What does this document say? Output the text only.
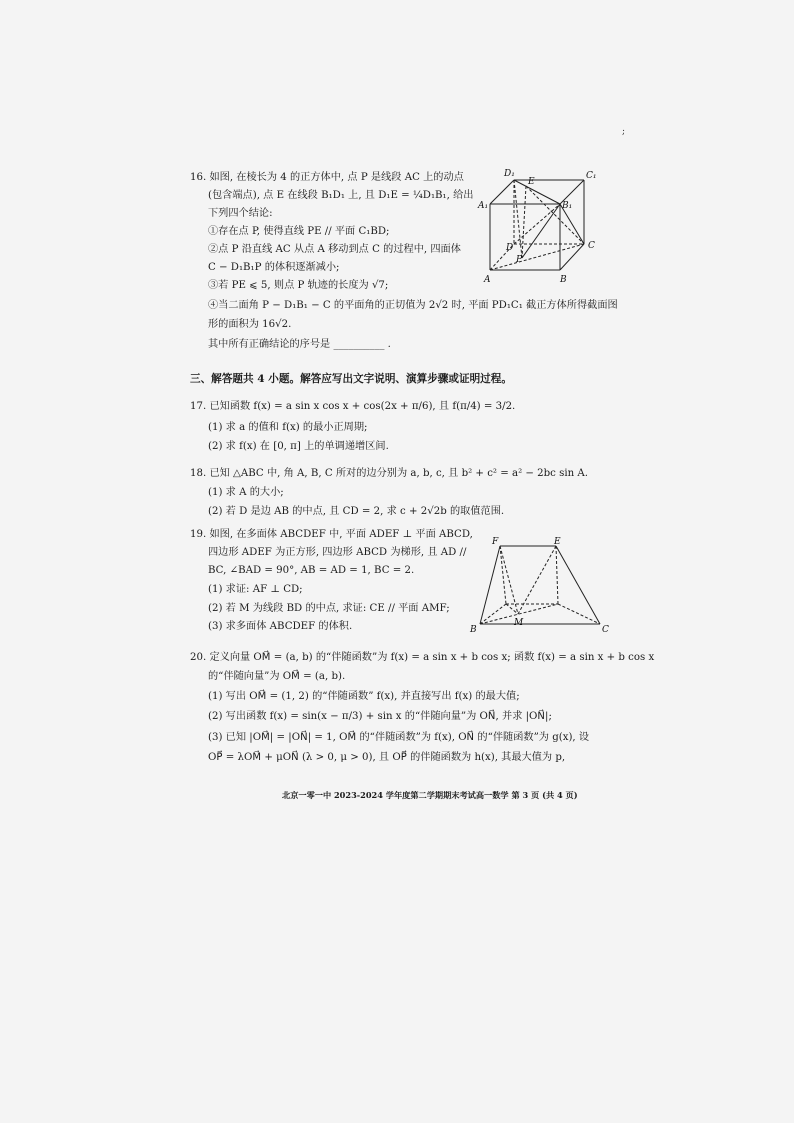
;
16. 如图, 在棱长为 4 的正方体中, 点 P 是线段 AC 上的动点
(包含端点), 点 E 在线段 B₁D₁ 上, 且 D₁E = ¼D₁B₁, 给出
下列四个结论:
①存在点 P, 使得直线 PE // 平面 C₁BD;
②点 P 沿直线 AC 从点 A 移动到点 C 的过程中, 四面体
C − D₁B₁P 的体积逐渐减小;
③若 PE ⩽ 5, 则点 P 轨迹的长度为 √7;
④当二面角 P − D₁B₁ − C 的平面角的正切值为 2√2 时, 平面 PD₁C₁ 截正方体所得截面图
形的面积为 16√2.
其中所有正确结论的序号是 __________ .
D₁	C₁
A₁	B₁
D	C
A	B
P
E
三、解答题共 4 小题。解答应写出文字说明、演算步骤或证明过程。
17. 已知函数 f(x) = a sin x cos x + cos(2x + π/6), 且 f(π/4) = 3/2.
(1) 求 a 的值和 f(x) 的最小正周期;
(2) 求 f(x) 在 [0, π] 上的单调递增区间.
18. 已知 △ABC 中, 角 A, B, C 所对的边分别为 a, b, c, 且 b² + c² = a² − 2bc sin A.
(1) 求 A 的大小;
(2) 若 D 是边 AB 的中点, 且 CD = 2, 求 c + 2√2b 的取值范围.
19. 如图, 在多面体 ABCDEF 中, 平面 ADEF ⊥ 平面 ABCD,
四边形 ADEF 为正方形, 四边形 ABCD 为梯形, 且 AD //
BC, ∠BAD = 90°, AB = AD = 1, BC = 2.
(1) 求证: AF ⊥ CD;
(2) 若 M 为线段 BD 的中点, 求证: CE // 平面 AMF;
(3) 求多面体 ABCDEF 的体积.
F	E
B	C
M
20. 定义向量 OM⃗ = (a, b) 的“伴随函数”为 f(x) = a sin x + b cos x; 函数 f(x) = a sin x + b cos x
的“伴随向量”为 OM⃗ = (a, b).
(1) 写出 OM⃗ = (1, 2) 的“伴随函数” f(x), 并直接写出 f(x) 的最大值;
(2) 写出函数 f(x) = sin(x − π/3) + sin x 的“伴随向量”为 ON⃗, 并求 |ON⃗|;
(3) 已知 |OM⃗| = |ON⃗| = 1, OM⃗ 的“伴随函数”为 f(x), ON⃗ 的“伴随函数”为 g(x), 设
OP⃗ = λOM⃗ + μON⃗ (λ > 0, μ > 0), 且 OP⃗ 的伴随函数为 h(x), 其最大值为 p,
北京一零一中 2023-2024 学年度第二学期期末考试高一数学 第 3 页 (共 4 页)
